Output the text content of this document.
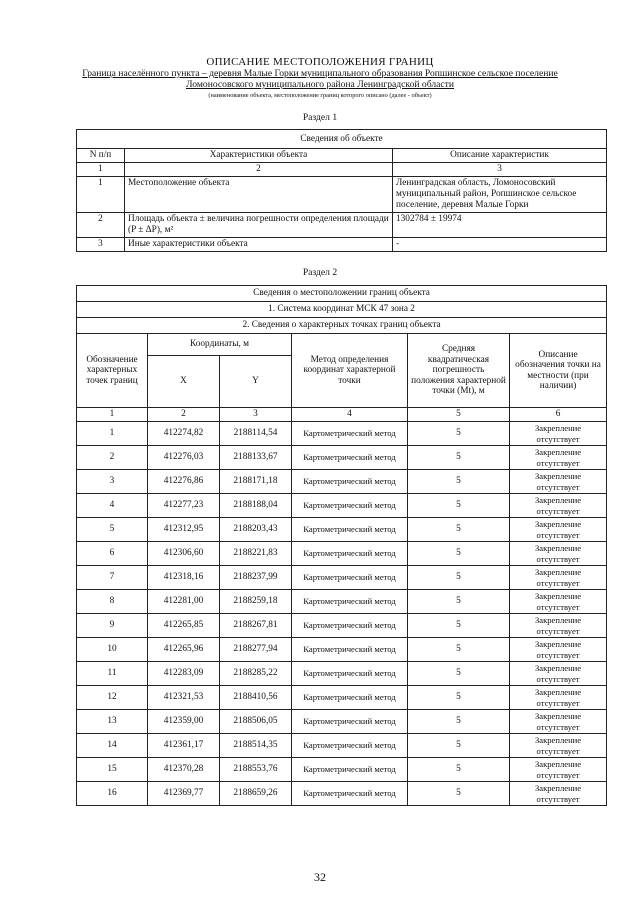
ОПИСАНИЕ МЕСТОПОЛОЖЕНИЯ ГРАНИЦ
Граница населённого пункта – деревня Малые Горки муниципального образования Ропшинское сельское поселение Ломоносовского муниципального района Ленинградской области
(наименование объекта, местоположение границ которого описано (далее - объект)
Раздел 1
Сведения об объекте		
N п/п	Характеристики объекта	Описание характеристик
1	2	3
1	Местоположение объекта	Ленинградская область, Ломоносовский муниципальный район, Ропшинское сельское поселение, деревня Малые Горки
2	Площадь объекта ± величина погрешности определения площади (P ± ΔP), м²	1302784 ± 19974
3	Иные характеристики объекта	-
Раздел 2
Сведения о местоположении границ объекта					
1. Система координат МСК 47 зона 2					
2. Сведения о характерных точках границ объекта					
Обозначение характерных точек границ	Координаты, м		Метод определения координат характерной точки	Средняя квадратическая погрешность положения характерной точки (Mt), м	Описание обозначения точки на местности (при наличии)
	X	Y			
1	2	3	4	5	6
1	412274,82	2188114,54	Картометрический метод	5	Закрепление отсутствует
2	412276,03	2188133,67	Картометрический метод	5	Закрепление отсутствует
3	412276,86	2188171,18	Картометрический метод	5	Закрепление отсутствует
4	412277,23	2188188,04	Картометрический метод	5	Закрепление отсутствует
5	412312,95	2188203,43	Картометрический метод	5	Закрепление отсутствует
6	412306,60	2188221,83	Картометрический метод	5	Закрепление отсутствует
7	412318,16	2188237,99	Картометрический метод	5	Закрепление отсутствует
8	412281,00	2188259,18	Картометрический метод	5	Закрепление отсутствует
9	412265,85	2188267,81	Картометрический метод	5	Закрепление отсутствует
10	412265,96	2188277,94	Картометрический метод	5	Закрепление отсутствует
11	412283,09	2188285,22	Картометрический метод	5	Закрепление отсутствует
12	412321,53	2188410,56	Картометрический метод	5	Закрепление отсутствует
13	412359,00	2188506,05	Картометрический метод	5	Закрепление отсутствует
14	412361,17	2188514,35	Картометрический метод	5	Закрепление отсутствует
15	412370,28	2188553,76	Картометрический метод	5	Закрепление отсутствует
16	412369,77	2188659,26	Картометрический метод	5	Закрепление отсутствует
32
